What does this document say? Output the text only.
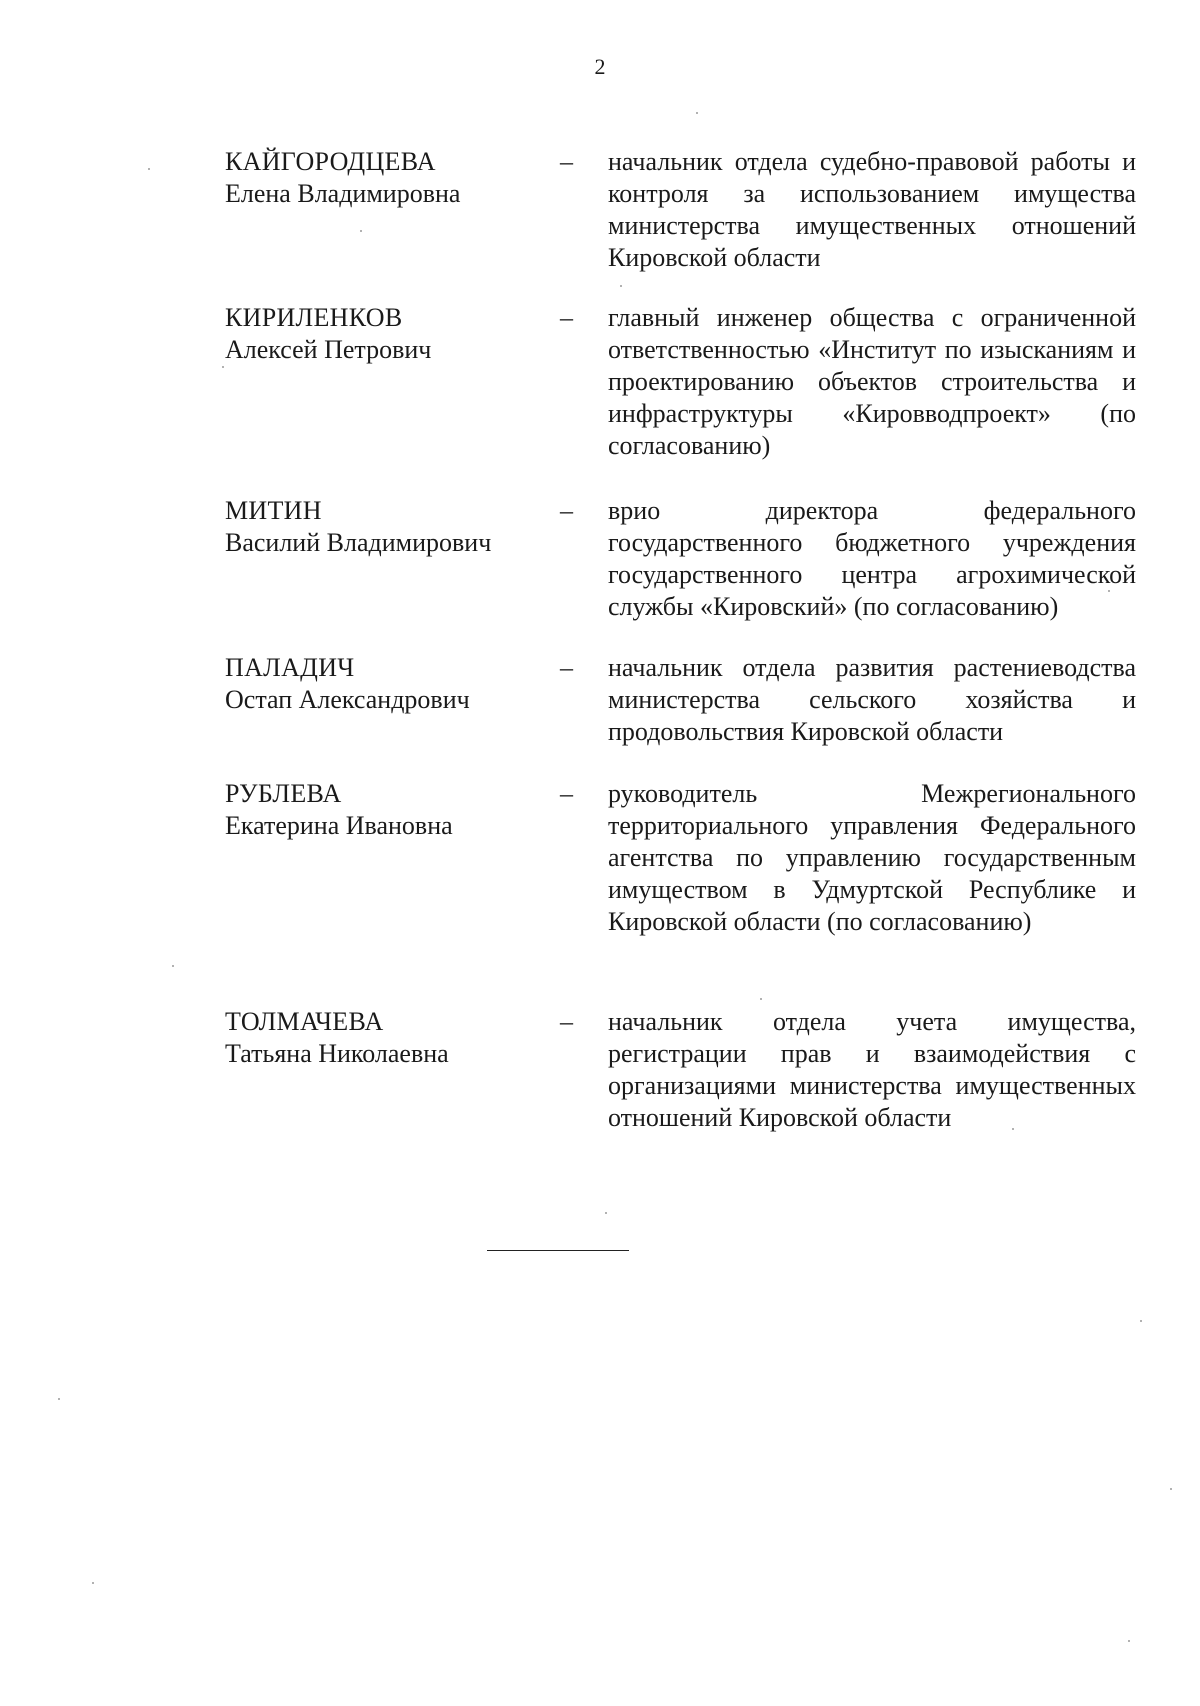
2
КАЙГОРОДЦЕВА
Елена Владимировна
– начальник отдела судебно-правовой работы и контроля за использованием имущества министерства имущественных отношений Кировской области
КИРИЛЕНКОВ
Алексей Петрович
– главный инженер общества с ограниченной ответственностью «Институт по изысканиям и проектированию объектов строительства и инфраструктуры «Кировводпроект» (по согласованию)
МИТИН
Василий Владимирович
– врио директора федерального государственного бюджетного учреждения государственного центра агрохимической службы «Кировский» (по согласованию)
ПАЛАДИЧ
Остап Александрович
– начальник отдела развития растениеводства министерства сельского хозяйства и продовольствия Кировской области
РУБЛЕВА
Екатерина Ивановна
– руководитель Межрегионального территориального управления Федерального агентства по управлению государственным имуществом в Удмуртской Республике и Кировской области (по согласованию)
ТОЛМАЧЕВА
Татьяна Николаевна
– начальник отдела учета имущества, регистрации прав и взаимодействия с организациями министерства имущественных отношений Кировской области
